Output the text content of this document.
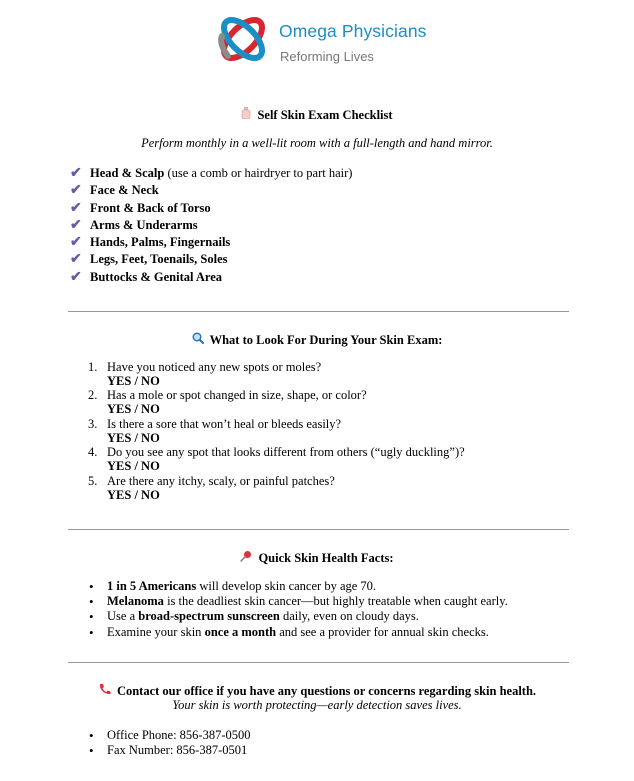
Omega Physicians
Reforming Lives
Self Skin Exam Checklist
Perform monthly in a well-lit room with a full-length and hand mirror.
✔ Head & Scalp (use a comb or hairdryer to part hair)
✔ Face & Neck
✔ Front & Back of Torso
✔ Arms & Underarms
✔ Hands, Palms, Fingernails
✔ Legs, Feet, Toenails, Soles
✔ Buttocks & Genital Area
What to Look For During Your Skin Exam:
1. Have you noticed any new spots or moles?
YES / NO
2. Has a mole or spot changed in size, shape, or color?
YES / NO
3. Is there a sore that won’t heal or bleeds easily?
YES / NO
4. Do you see any spot that looks different from others (“ugly duckling”)?
YES / NO
5. Are there any itchy, scaly, or painful patches?
YES / NO
Quick Skin Health Facts:
• 1 in 5 Americans will develop skin cancer by age 70.
• Melanoma is the deadliest skin cancer—but highly treatable when caught early.
• Use a broad-spectrum sunscreen daily, even on cloudy days.
• Examine your skin once a month and see a provider for annual skin checks.
Contact our office if you have any questions or concerns regarding skin health.
Your skin is worth protecting—early detection saves lives.
• Office Phone: 856-387-0500
• Fax Number: 856-387-0501
